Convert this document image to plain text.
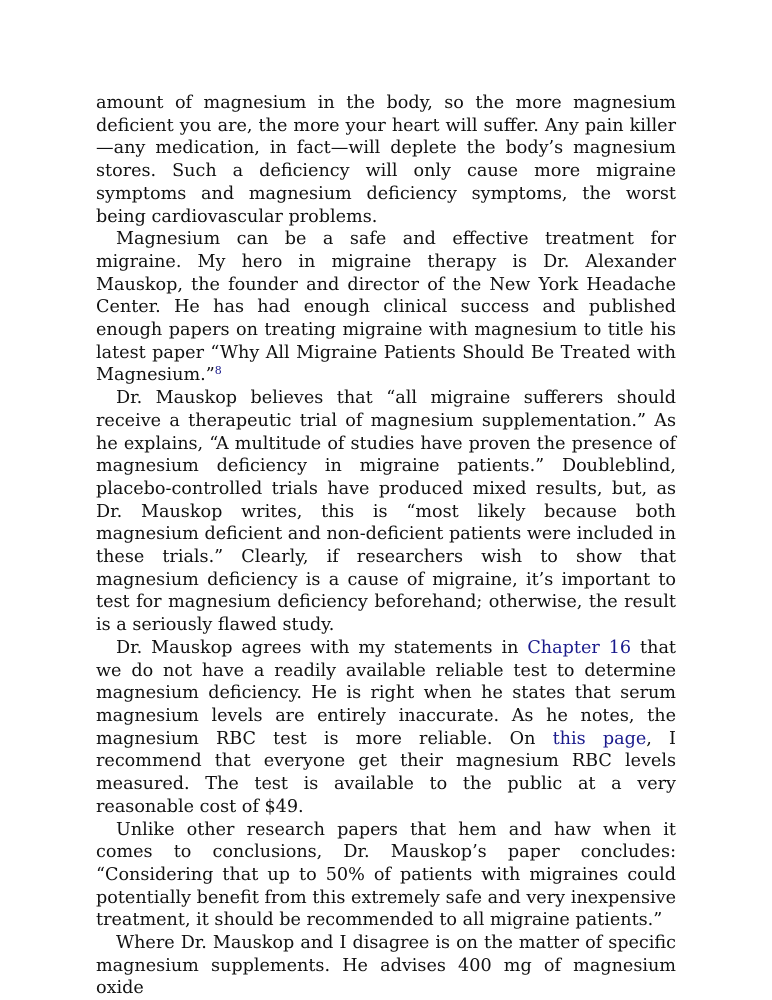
amount of magnesium in the body, so the more magnesium deficient you are, the more your heart will suffer. Any pain killer—any medication, in fact—will deplete the body’s magnesium stores. Such a deficiency will only cause more migraine symptoms and magnesium deficiency symptoms, the worst being cardiovascular problems.

Magnesium can be a safe and effective treatment for migraine. My hero in migraine therapy is Dr. Alexander Mauskop, the founder and director of the New York Headache Center. He has had enough clinical success and published enough papers on treating migraine with magnesium to title his latest paper “Why All Migraine Patients Should Be Treated with Magnesium.”$^8$

Dr. Mauskop believes that “all migraine sufferers should receive a therapeutic trial of magnesium supplementation.” As he explains, “A multitude of studies have proven the presence of magnesium deficiency in migraine patients.” Doubleblind, placebo-controlled trials have produced mixed results, but, as Dr. Mauskop writes, this is “most likely because both magnesium deficient and non-deficient patients were included in these trials.” Clearly, if researchers wish to show that magnesium deficiency is a cause of migraine, it’s important to test for magnesium deficiency beforehand; otherwise, the result is a seriously flawed study.

Dr. Mauskop agrees with my statements in Chapter 16 that we do not have a readily available reliable test to determine magnesium deficiency. He is right when he states that serum magnesium levels are entirely inaccurate. As he notes, the magnesium RBC test is more reliable. On this page, I recommend that everyone get their magnesium RBC levels measured. The test is available to the public at a very reasonable cost of $49.

Unlike other research papers that hem and haw when it comes to conclusions, Dr. Mauskop’s paper concludes: “Considering that up to 50% of patients with migraines could potentially benefit from this extremely safe and very inexpensive treatment, it should be recommended to all migraine patients.”

Where Dr. Mauskop and I disagree is on the matter of specific magnesium supplements. He advises 400 mg of magnesium oxide
